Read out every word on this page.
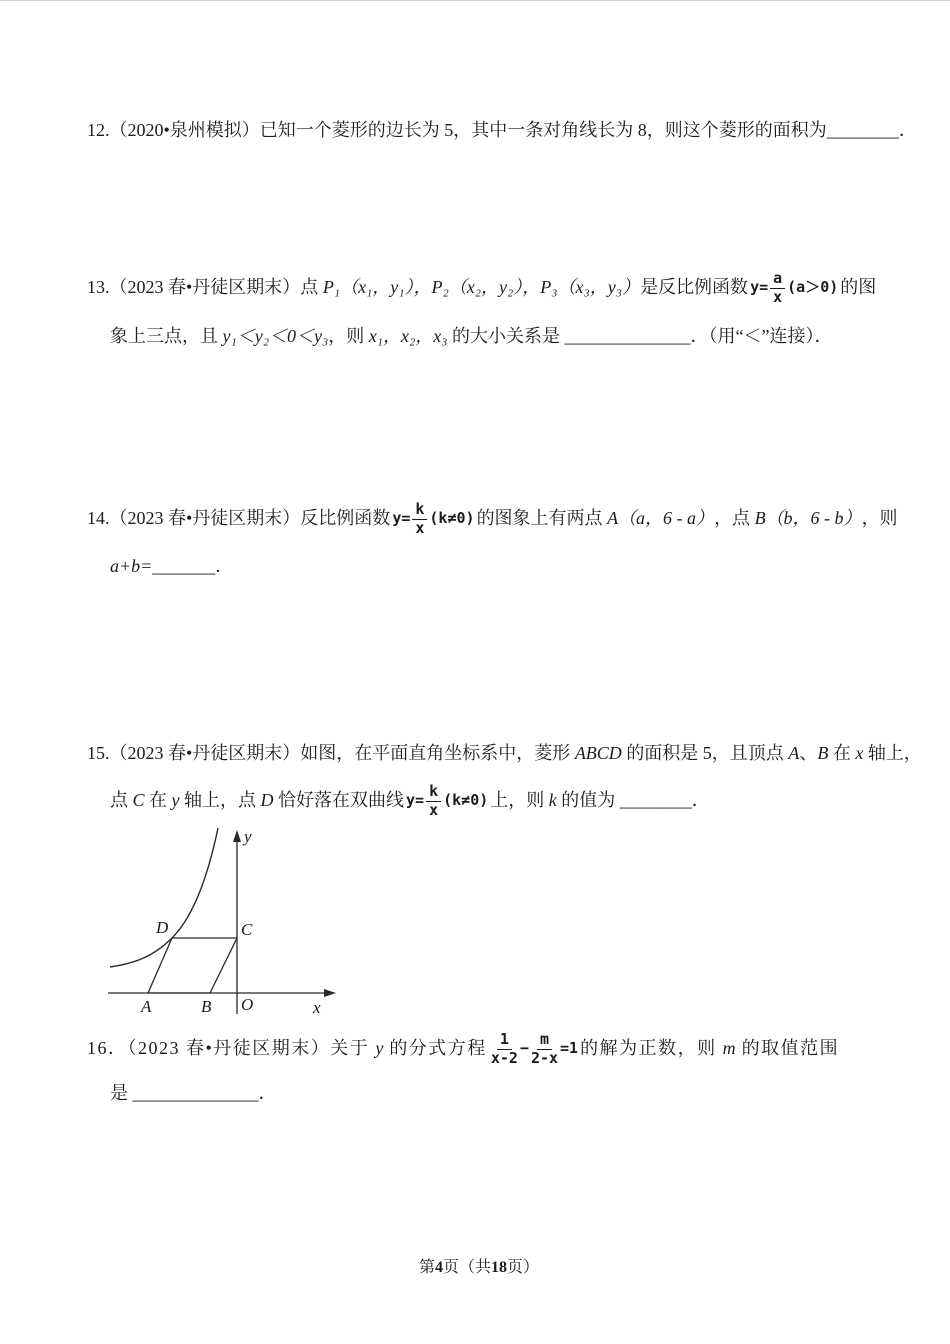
12.（2020•泉州模拟）已知一个菱形的边长为 5，其中一条对角线长为 8，则这个菱形的面积为 ________ ．
13.（2023 春•丹徒区期末）点 P₁（x₁，y₁），P₂（x₂，y₂），P₃（x₃，y₃） 是反比例函数 $y= \frac{a}{x} (a>0)$ 的图
象上三点，且 y₁＜y₂＜0＜y₃ ，则 x₁，x₂，x₃ 的大小关系是 ______________ ．（用“＜”连接）．
14.（2023 春•丹徒区期末）反比例函数 $y= \frac{k}{x} (k\ne 0)$ 的图象上有两点 A（a，6 - a） ，点 B（b，6 - b） ，则
a+b= _______ ．
15.（2023 春•丹徒区期末）如图，在平面直角坐标系中，菱形 ABCD 的面积是 5，且顶点 A 、 B 在 x 轴上，
点 C 在 y 轴上，点 D 恰好落在双曲线 $y= \frac{k}{x} (k\ne 0)$ 上，则 k 的值为 ________ ．
y
x
O
A	B
C
D
16．（2023 春•丹徒区期末）关于 y 的分式方程 $\frac{1}{x-2} - \frac{m}{2-x} =1$ 的解为正数，则 m 的取值范围
是 ______________ ．

第4页（共18页）
